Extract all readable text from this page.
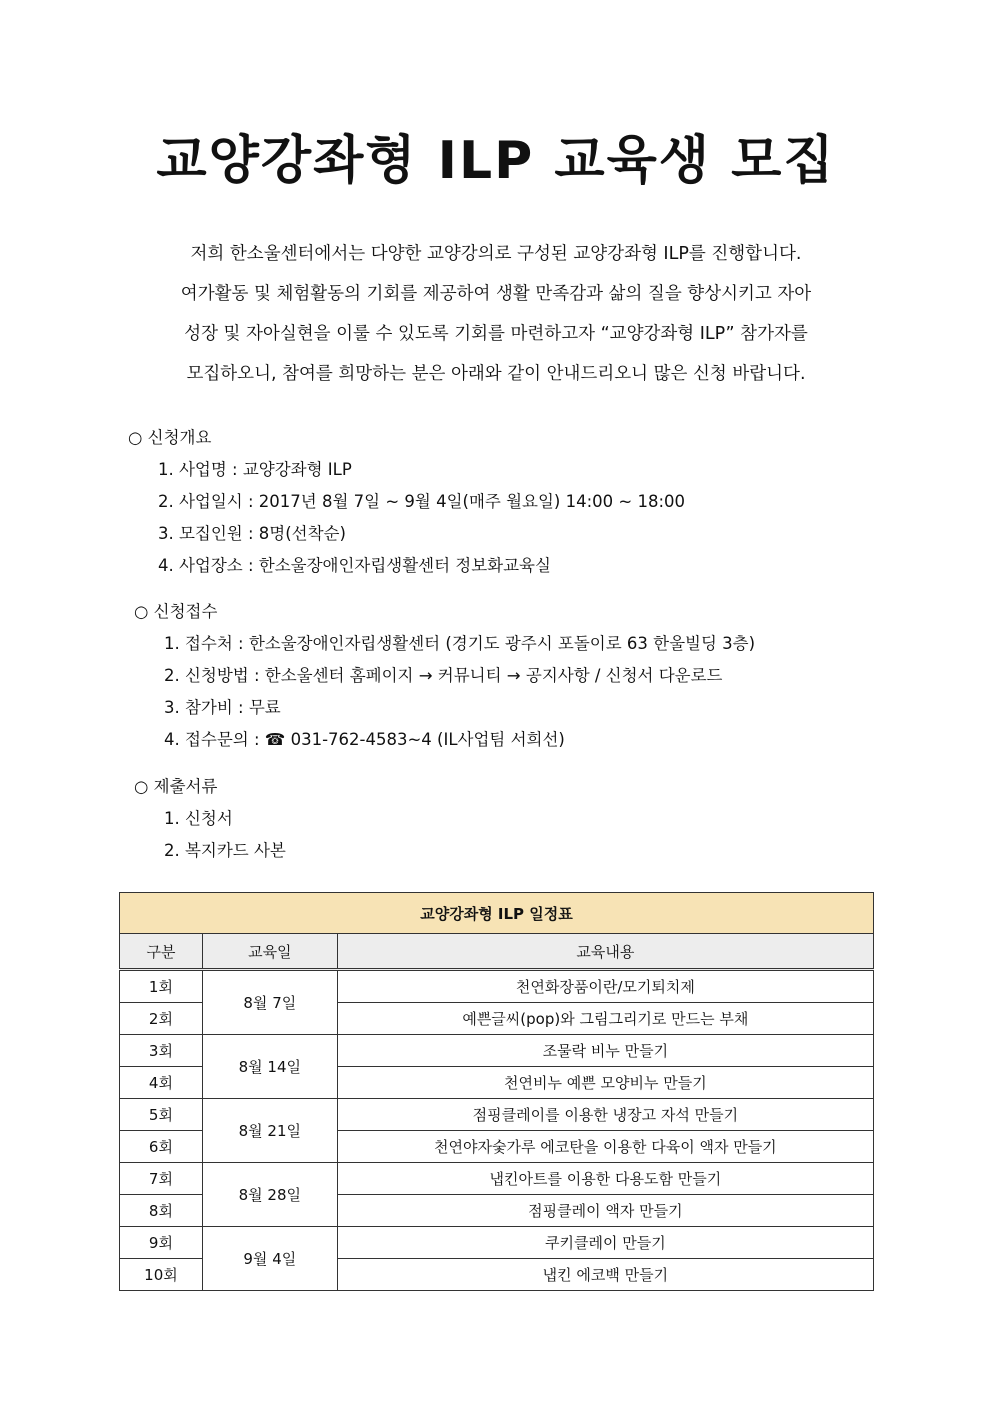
교양강좌형 ILP 교육생 모집

저희 한소울센터에서는 다양한 교양강의로 구성된 교양강좌형 ILP를 진행합니다.

여가활동 및 체험활동의 기회를 제공하여 생활 만족감과 삶의 질을 향상시키고 자아

성장 및 자아실현을 이룰 수 있도록 기회를 마련하고자 “교양강좌형 ILP” 참가자를

모집하오니, 참여를 희망하는 분은 아래와 같이 안내드리오니 많은 신청 바랍니다.

○ 신청개요
1. 사업명 : 교양강좌형 ILP
2. 사업일시 : 2017년 8월 7일 ~ 9월 4일(매주 월요일) 14:00 ~ 18:00
3. 모집인원 : 8명(선착순)
4. 사업장소 : 한소울장애인자립생활센터 정보화교육실
○ 신청접수
1. 접수처 : 한소울장애인자립생활센터 (경기도 광주시 포돌이로 63 한울빌딩 3층)
2. 신청방법 : 한소울센터 홈페이지 → 커뮤니티 → 공지사항 / 신청서 다운로드
3. 참가비 : 무료
4. 접수문의 : ☎ 031-762-4583~4 (IL사업팀 서희선)
○ 제출서류
1. 신청서
2. 복지카드 사본
교양강좌형 ILP 일정표		
구분	교육일	교육내용
1회	8월 7일	천연화장품이란/모기퇴치제
2회		예쁜글씨(pop)와 그림그리기로 만드는 부채
3회	8월 14일	조물락 비누 만들기
4회		천연비누 예쁜 모양비누 만들기
5회	8월 21일	점핑클레이를 이용한 냉장고 자석 만들기
6회		천연야자숯가루 에코탄을 이용한 다육이 액자 만들기
7회	8월 28일	냅킨아트를 이용한 다용도함 만들기
8회		점핑클레이 액자 만들기
9회	9월 4일	쿠키클레이 만들기
10회		냅킨 에코백 만들기
